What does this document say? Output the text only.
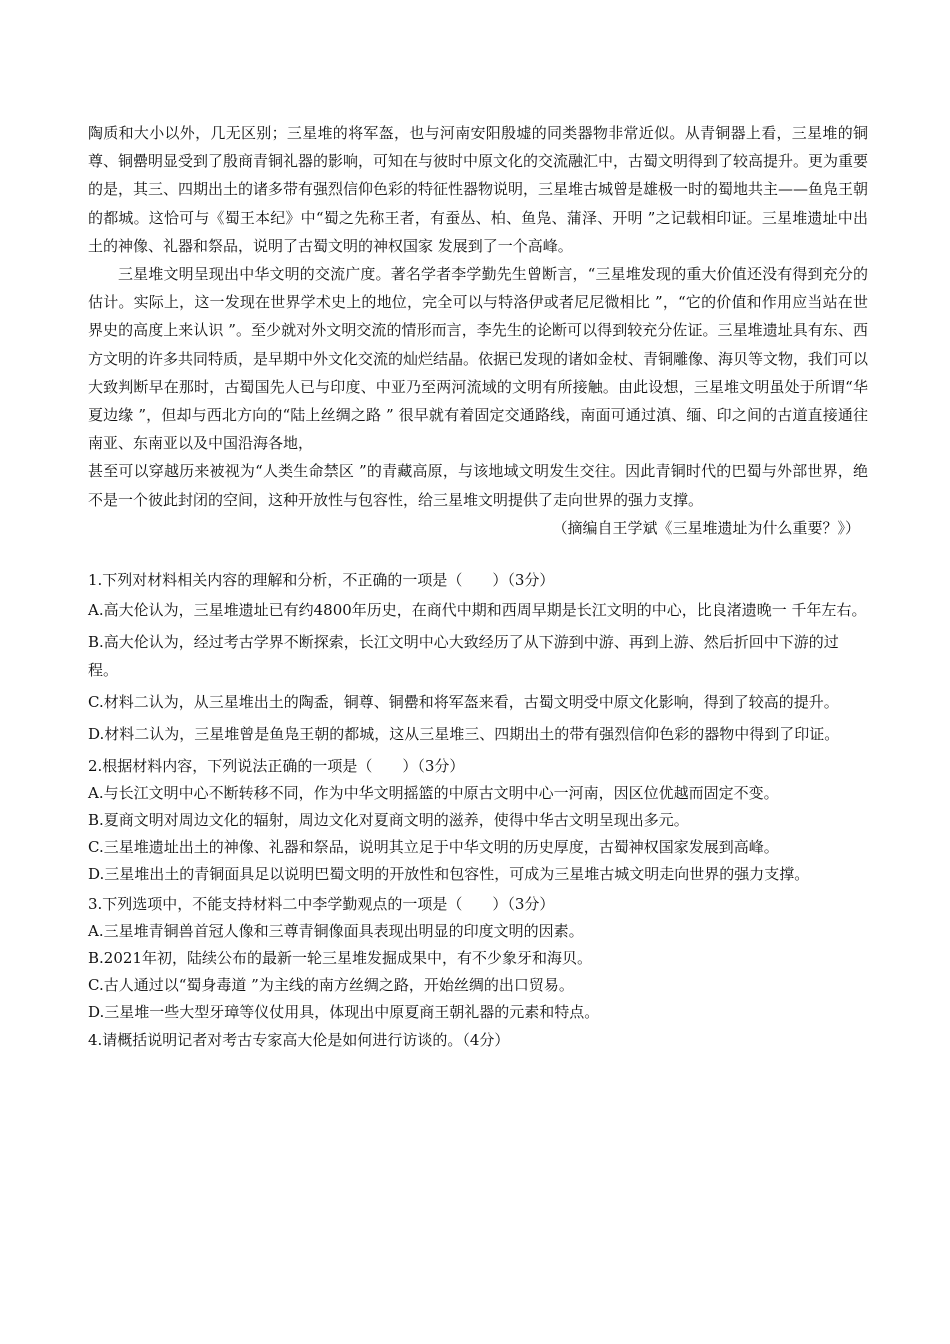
陶质和大小以外，几无区别；三星堆的将军盔，也与河南安阳殷墟的同类器物非常近似。从青铜器上看，三星堆的铜尊、铜罍明显受到了殷商青铜礼器的影响，可知在与彼时中原文化的交流融汇中，古蜀文明得到了较高提升。更为重要的是，其三、四期出土的诸多带有强烈信仰色彩的特征性器物说明，三星堆古城曾是雄极一时的蜀地共主——鱼凫王朝的都城。这恰可与《蜀王本纪》中“蜀之先称王者，有蚕丛、柏、鱼凫、蒲泽、开明 ”之记载相印证。三星堆遗址中出土的神像、礼器和祭品，说明了古蜀文明的神权国家 发展到了一个高峰。

三星堆文明呈现出中华文明的交流广度。著名学者李学勤先生曾断言，“三星堆发现的重大价值还没有得到充分的估计。实际上，这一发现在世界学术史上的地位，完全可以与特洛伊或者尼尼微相比 ”，“它的价值和作用应当站在世界史的高度上来认识 ”。至少就对外文明交流的情形而言，李先生的论断可以得到较充分佐证。三星堆遗址具有东、西方文明的许多共同特质，是早期中外文化交流的灿烂结晶。依据已发现的诸如金杖、青铜雕像、海贝等文物，我们可以大致判断早在那时，古蜀国先人已与印度、中亚乃至两河流域的文明有所接触。由此设想，三星堆文明虽处于所谓“华夏边缘 ”，但却与西北方向的“陆上丝绸之路 ” 很早就有着固定交通路线，南面可通过滇、缅、印之间的古道直接通往南亚、东南亚以及中国沿海各地，

甚至可以穿越历来被视为“人类生命禁区 ”的青藏高原，与该地域文明发生交往。因此青铜时代的巴蜀与外部世界，绝不是一个彼此封闭的空间，这种开放性与包容性，给三星堆文明提供了走向世界的强力支撑。

（摘编自王学斌《三星堆遗址为什么重要？》）

1.下列对材料相关内容的理解和分析，不正确的一项是（　　）（3分）

A.高大伦认为，三星堆遗址已有约4800年历史，在商代中期和西周早期是长江文明的中心，比良渚遗晚一 千年左右。

B.高大伦认为，经过考古学界不断探索，长江文明中心大致经历了从下游到中游、再到上游、然后折回中下游的过程。

C.材料二认为，从三星堆出土的陶盉，铜尊、铜罍和将军盔来看，古蜀文明受中原文化影响，得到了较高的提升。

D.材料二认为，三星堆曾是鱼凫王朝的都城，这从三星堆三、四期出土的带有强烈信仰色彩的器物中得到了印证。

2.根据材料内容，下列说法正确的一项是（　　）（3分）

A.与长江文明中心不断转移不同，作为中华文明摇篮的中原古文明中心一河南，因区位优越而固定不变。

B.夏商文明对周边文化的辐射，周边文化对夏商文明的滋养，使得中华古文明呈现出多元。

C.三星堆遗址出土的神像、礼器和祭品，说明其立足于中华文明的历史厚度，古蜀神权国家发展到高峰。

D.三星堆出土的青铜面具足以说明巴蜀文明的开放性和包容性，可成为三星堆古城文明走向世界的强力支撑。

3.下列选项中，不能支持材料二中李学勤观点的一项是（　　）（3分）

A.三星堆青铜兽首冠人像和三尊青铜像面具表现出明显的印度文明的因素。

B.2021年初，陆续公布的最新一轮三星堆发掘成果中，有不少象牙和海贝。

C.古人通过以“蜀身毒道 ”为主线的南方丝绸之路，开始丝绸的出口贸易。

D.三星堆一些大型牙璋等仪仗用具，体现出中原夏商王朝礼器的元素和特点。

4.请概括说明记者对考古专家高大伦是如何进行访谈的。（4分）
